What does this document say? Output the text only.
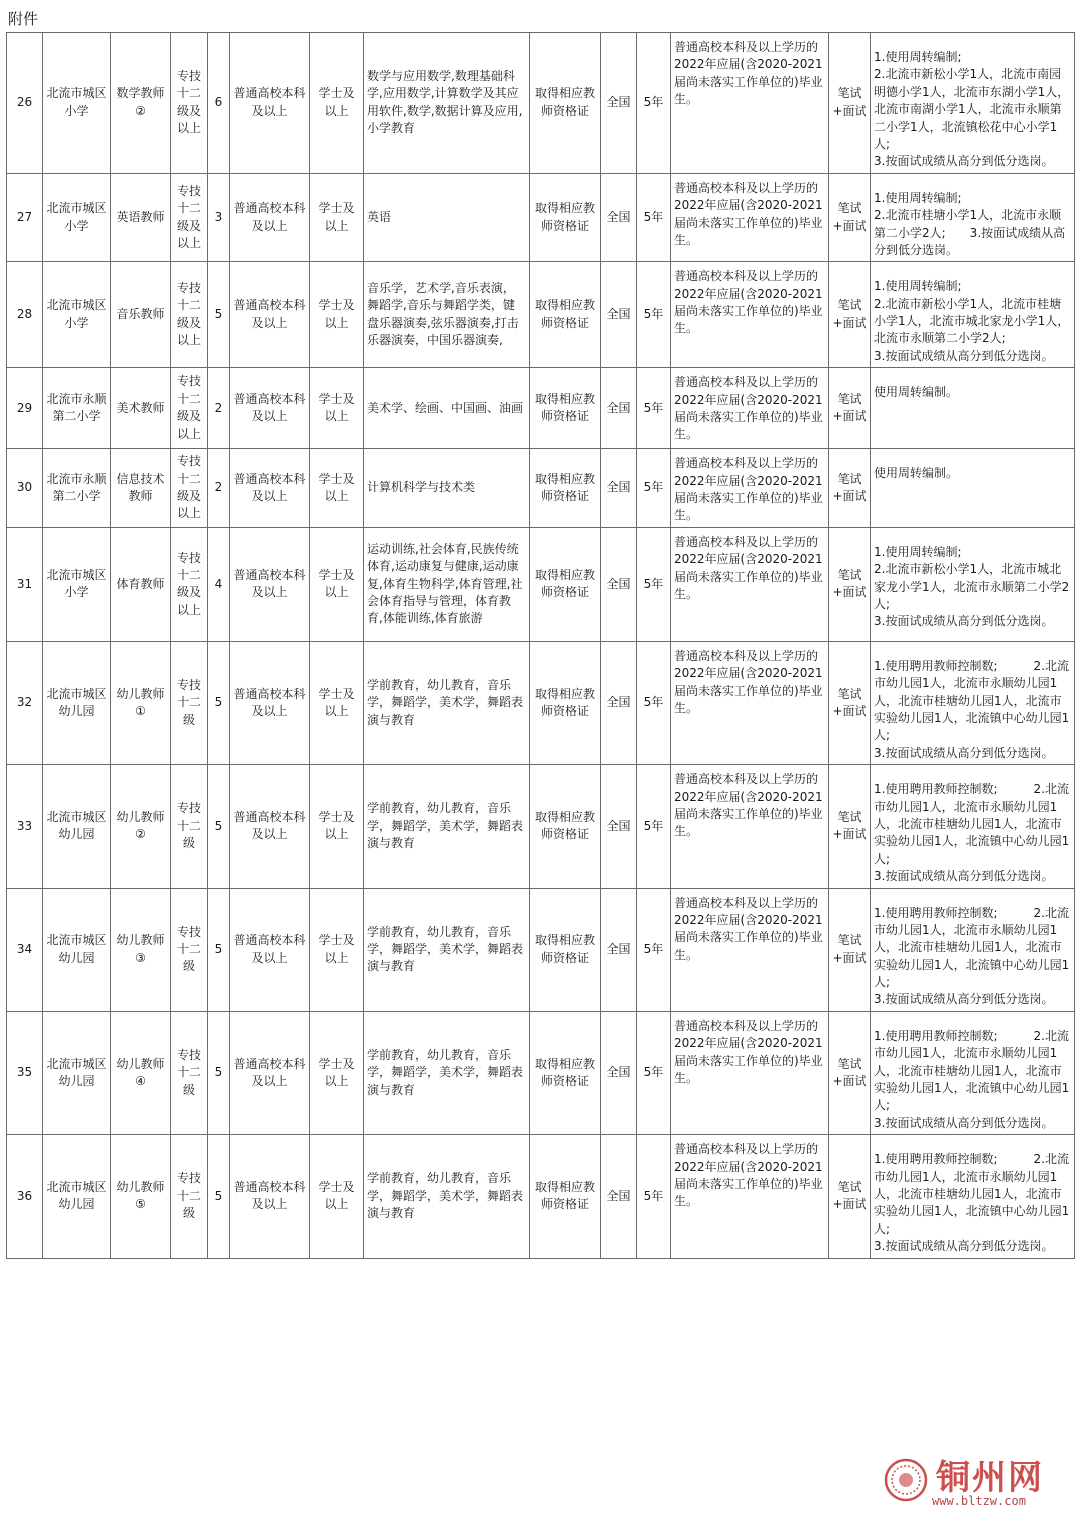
附件
26	北流市城区小学	数学教师②	专技十二级及以上	6	普通高校本科及以上	学士及以上	数学与应用数学,数理基础科学,应用数学,计算数学及其应用软件,数学,数据计算及应用,小学教育	取得相应教师资格证	全国	5年	普通高校本科及以上学历的2022年应届(含2020-2021届尚未落实工作单位的)毕业生。	笔试+面试	1.使用周转编制;
2.北流市新松小学1人，北流市南园明德小学1人，北流市东湖小学1人，北流市南湖小学1人，北流市永顺第二小学1人，北流镇松花中心小学1人;
3.按面试成绩从高分到低分选岗。
27	北流市城区小学	英语教师	专技十二级及以上	3	普通高校本科及以上	学士及以上	英语	取得相应教师资格证	全国	5年	普通高校本科及以上学历的2022年应届(含2020-2021届尚未落实工作单位的)毕业生。	笔试+面试	1.使用周转编制;
2.北流市桂塘小学1人，北流市永顺第二小学2人;　　3.按面试成绩从高分到低分选岗。
28	北流市城区小学	音乐教师	专技十二级及以上	5	普通高校本科及以上	学士及以上	音乐学，艺术学,音乐表演，舞蹈学,音乐与舞蹈学类，键盘乐器演奏,弦乐器演奏,打击乐器演奏，中国乐器演奏,	取得相应教师资格证	全国	5年	普通高校本科及以上学历的2022年应届(含2020-2021届尚未落实工作单位的)毕业生。	笔试+面试	1.使用周转编制;
2.北流市新松小学1人，北流市桂塘小学1人，北流市城北家龙小学1人，北流市永顺第二小学2人;
3.按面试成绩从高分到低分选岗。
29	北流市永顺第二小学	美术教师	专技十二级及以上	2	普通高校本科及以上	学士及以上	美术学、绘画、中国画、油画	取得相应教师资格证	全国	5年	普通高校本科及以上学历的2022年应届(含2020-2021届尚未落实工作单位的)毕业生。	笔试+面试	使用周转编制。
30	北流市永顺第二小学	信息技术教师	专技十二级及以上	2	普通高校本科及以上	学士及以上	计算机科学与技术类	取得相应教师资格证	全国	5年	普通高校本科及以上学历的2022年应届(含2020-2021届尚未落实工作单位的)毕业生。	笔试+面试	使用周转编制。
31	北流市城区小学	体育教师	专技十二级及以上	4	普通高校本科及以上	学士及以上	运动训练,社会体育,民族传统体育,运动康复与健康,运动康复,体育生物科学,体育管理,社会体育指导与管理，体育教育,体能训练,体育旅游	取得相应教师资格证	全国	5年	普通高校本科及以上学历的2022年应届(含2020-2021届尚未落实工作单位的)毕业生。	笔试+面试	1.使用周转编制;
2.北流市新松小学1人，北流市城北家龙小学1人，北流市永顺第二小学2人;
3.按面试成绩从高分到低分选岗。
32	北流市城区幼儿园	幼儿教师①	专技十二级	5	普通高校本科及以上	学士及以上	学前教育，幼儿教育，音乐学，舞蹈学，美术学，舞蹈表演与教育	取得相应教师资格证	全国	5年	普通高校本科及以上学历的2022年应届(含2020-2021届尚未落实工作单位的)毕业生。	笔试+面试	1.使用聘用教师控制数;　　　2.北流市幼儿园1人，北流市永顺幼儿园1人，北流市桂塘幼儿园1人，北流市实验幼儿园1人，北流镇中心幼儿园1人;
3.按面试成绩从高分到低分选岗。
33	北流市城区幼儿园	幼儿教师②	专技十二级	5	普通高校本科及以上	学士及以上	学前教育，幼儿教育，音乐学，舞蹈学，美术学，舞蹈表演与教育	取得相应教师资格证	全国	5年	普通高校本科及以上学历的2022年应届(含2020-2021届尚未落实工作单位的)毕业生。	笔试+面试	1.使用聘用教师控制数;　　　2.北流市幼儿园1人，北流市永顺幼儿园1人，北流市桂塘幼儿园1人，北流市实验幼儿园1人，北流镇中心幼儿园1人;
3.按面试成绩从高分到低分选岗。
34	北流市城区幼儿园	幼儿教师③	专技十二级	5	普通高校本科及以上	学士及以上	学前教育，幼儿教育，音乐学，舞蹈学，美术学，舞蹈表演与教育	取得相应教师资格证	全国	5年	普通高校本科及以上学历的2022年应届(含2020-2021届尚未落实工作单位的)毕业生。	笔试+面试	1.使用聘用教师控制数;　　　2.北流市幼儿园1人，北流市永顺幼儿园1人，北流市桂塘幼儿园1人，北流市实验幼儿园1人，北流镇中心幼儿园1人;
3.按面试成绩从高分到低分选岗。
35	北流市城区幼儿园	幼儿教师④	专技十二级	5	普通高校本科及以上	学士及以上	学前教育，幼儿教育，音乐学，舞蹈学，美术学，舞蹈表演与教育	取得相应教师资格证	全国	5年	普通高校本科及以上学历的2022年应届(含2020-2021届尚未落实工作单位的)毕业生。	笔试+面试	1.使用聘用教师控制数;　　　2.北流市幼儿园1人，北流市永顺幼儿园1人，北流市桂塘幼儿园1人，北流市实验幼儿园1人，北流镇中心幼儿园1人;
3.按面试成绩从高分到低分选岗。
36	北流市城区幼儿园	幼儿教师⑤	专技十二级	5	普通高校本科及以上	学士及以上	学前教育，幼儿教育，音乐学，舞蹈学，美术学，舞蹈表演与教育	取得相应教师资格证	全国	5年	普通高校本科及以上学历的2022年应届(含2020-2021届尚未落实工作单位的)毕业生。	笔试+面试	1.使用聘用教师控制数;　　　2.北流市幼儿园1人，北流市永顺幼儿园1人，北流市桂塘幼儿园1人，北流市实验幼儿园1人，北流镇中心幼儿园1人;
3.按面试成绩从高分到低分选岗。
铜州网
www.bltzw.com
